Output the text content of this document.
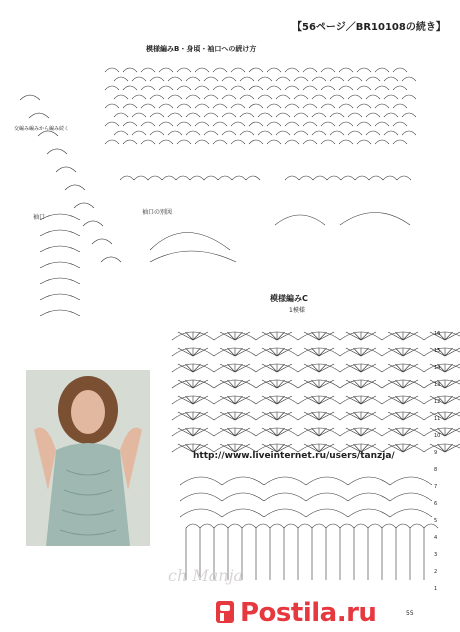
【56ページ／BR10108の続き】
模様編みB・身頃・袖口への続け方
交編み編みから編み続く
袖口
袖口の別図
模様編みC
1模様
16
15
14
13
12
11
10
9
8
7
6
5
4
3
2
1
http://www.liveinternet.ru/users/tanzja/
ch Manja
55
Postila.ru
